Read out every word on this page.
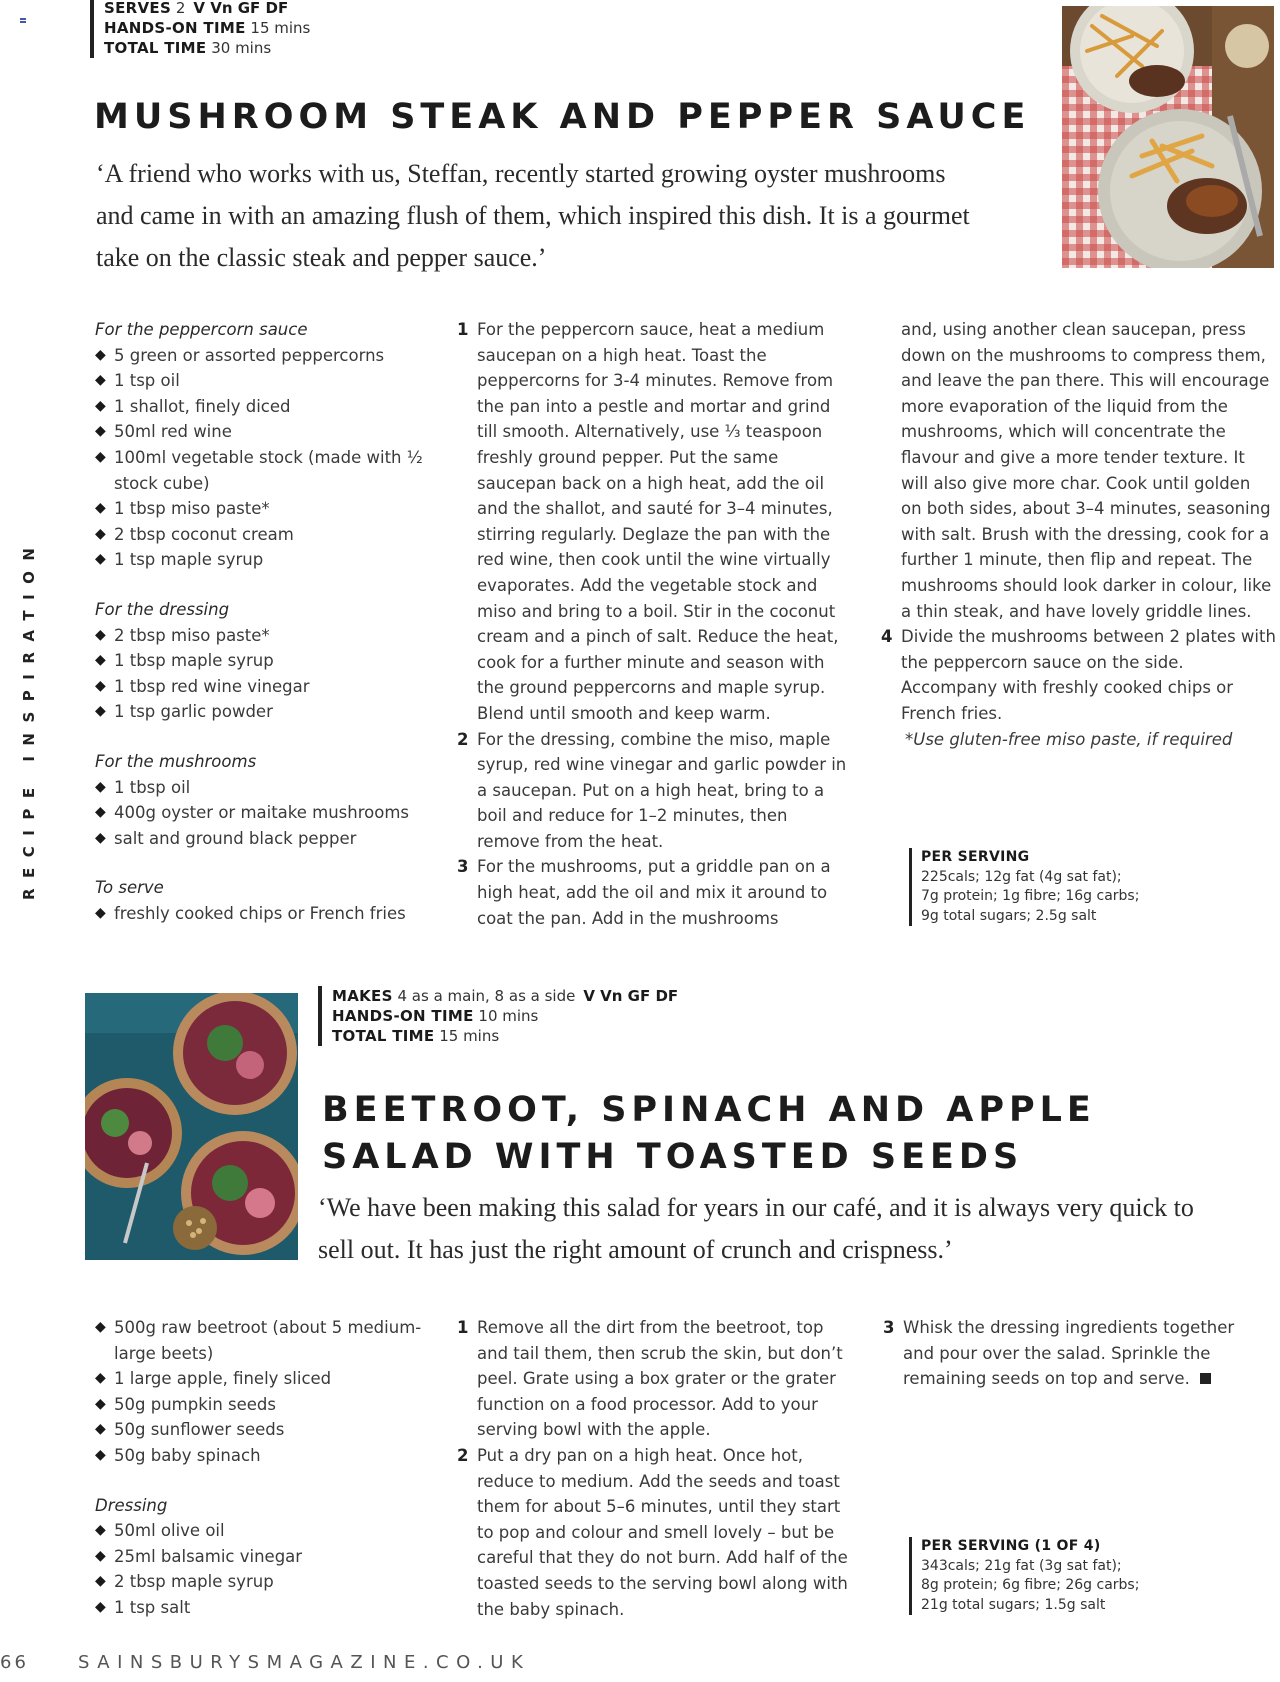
SERVES 2 V Vn GF DF
HANDS-ON TIME 15 mins
TOTAL TIME 30 mins
MUSHROOM STEAK AND PEPPER SAUCE

‘A friend who works with us, Steffan, recently started growing oyster mushrooms and came in with an amazing flush of them, which inspired this dish. It is a gourmet take on the classic steak and pepper sauce.’

For the peppercorn sauce

◆ 5 green or assorted peppercorns
◆ 1 tsp oil
◆ 1 shallot, finely diced
◆ 50ml red wine
◆ 100ml vegetable stock (made with ½ stock cube)
◆ 1 tbsp miso paste*
◆ 2 tbsp coconut cream
◆ 1 tsp maple syrup

For the dressing

◆ 2 tbsp miso paste*
◆ 1 tbsp maple syrup
◆ 1 tbsp red wine vinegar
◆ 1 tsp garlic powder

For the mushrooms

◆ 1 tbsp oil
◆ 400g oyster or maitake mushrooms
◆ salt and ground black pepper

To serve

◆ freshly cooked chips or French fries
1 For the peppercorn sauce, heat a medium saucepan on a high heat. Toast the peppercorns for 3-4 minutes. Remove from the pan into a pestle and mortar and grind till smooth. Alternatively, use ⅓ teaspoon freshly ground pepper. Put the same saucepan back on a high heat, add the oil and the shallot, and sauté for 3–4 minutes, stirring regularly. Deglaze the pan with the red wine, then cook until the wine virtually evaporates. Add the vegetable stock and miso and bring to a boil. Stir in the coconut cream and a pinch of salt. Reduce the heat, cook for a further minute and season with the ground peppercorns and maple syrup. Blend until smooth and keep warm.
2 For the dressing, combine the miso, maple syrup, red wine vinegar and garlic powder in a saucepan. Put on a high heat, bring to a boil and reduce for 1–2 minutes, then remove from the heat.
3 For the mushrooms, put a griddle pan on a high heat, add the oil and mix it around to coat the pan. Add in the mushrooms

and, using another clean saucepan, press down on the mushrooms to compress them, and leave the pan there. This will encourage more evaporation of the liquid from the mushrooms, which will concentrate the flavour and give a more tender texture. It will also give more char. Cook until golden on both sides, about 3–4 minutes, seasoning with salt. Brush with the dressing, cook for a further 1 minute, then flip and repeat. The mushrooms should look darker in colour, like a thin steak, and have lovely griddle lines.

4 Divide the mushrooms between 2 plates with the peppercorn sauce on the side. Accompany with freshly cooked chips or French fries.

*Use gluten-free miso paste, if required

PER SERVING
225cals; 12g fat (4g sat fat);
7g protein; 1g fibre; 16g carbs;
9g total sugars; 2.5g salt
RECIPE INSPIRATION
MAKES 4 as a main, 8 as a side V Vn GF DF
HANDS-ON TIME 10 mins
TOTAL TIME 15 mins
BEETROOT, SPINACH AND APPLE
SALAD WITH TOASTED SEEDS

‘We have been making this salad for years in our café, and it is always very quick to sell out. It has just the right amount of crunch and crispness.’

◆ 500g raw beetroot (about 5 medium-large beets)
◆ 1 large apple, finely sliced
◆ 50g pumpkin seeds
◆ 50g sunflower seeds
◆ 50g baby spinach

Dressing

◆ 50ml olive oil
◆ 25ml balsamic vinegar
◆ 2 tbsp maple syrup
◆ 1 tsp salt
1 Remove all the dirt from the beetroot, top and tail them, then scrub the skin, but don’t peel. Grate using a box grater or the grater function on a food processor. Add to your serving bowl with the apple.
2 Put a dry pan on a high heat. Once hot, reduce to medium. Add the seeds and toast them for about 5–6 minutes, until they start to pop and colour and smell lovely – but be careful that they do not burn. Add half of the toasted seeds to the serving bowl along with the baby spinach.
3 Whisk the dressing ingredients together and pour over the salad. Sprinkle the remaining seeds on top and serve.
PER SERVING (1 OF 4)
343cals; 21g fat (3g sat fat);
8g protein; 6g fibre; 26g carbs;
21g total sugars; 1.5g salt
66	SAINSBURYSMAGAZINE.CO.UK
